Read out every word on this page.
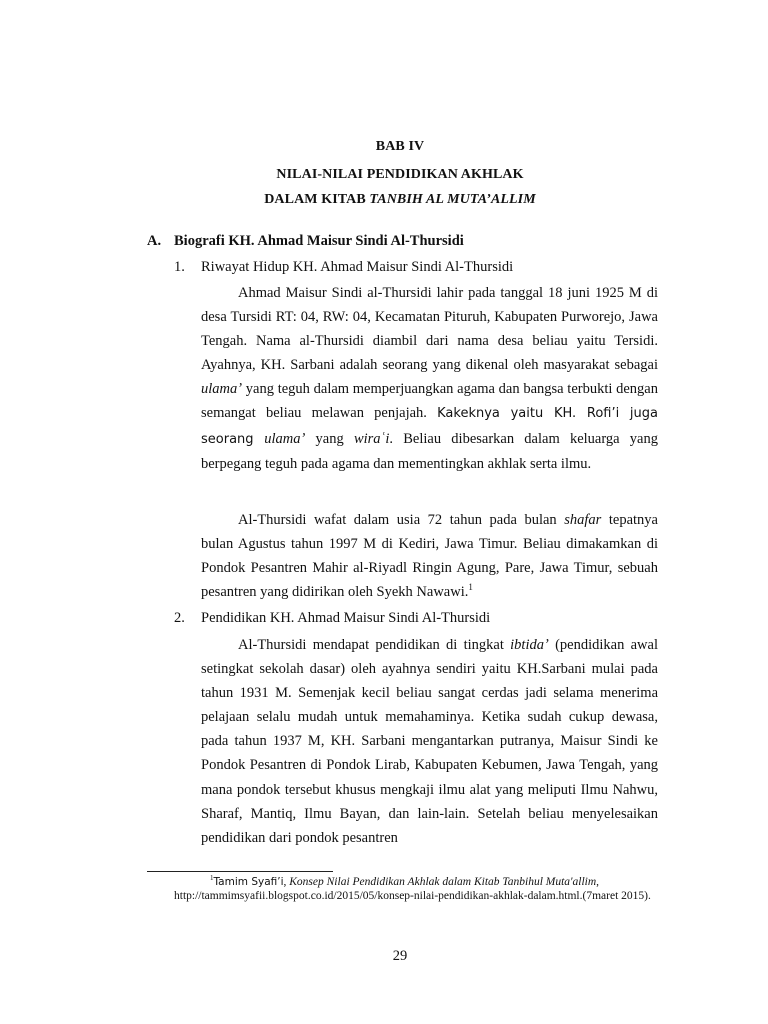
BAB IV
NILAI-NILAI PENDIDIKAN AKHLAK
DALAM KITAB TANBIH AL MUTA’ALLIM
A. Biografi KH. Ahmad Maisur Sindi Al-Thursidi
1. Riwayat Hidup KH. Ahmad Maisur Sindi Al-Thursidi

Ahmad Maisur Sindi al-Thursidi lahir pada tanggal 18 juni 1925 M di desa Tursidi RT: 04, RW: 04, Kecamatan Pituruh, Kabupaten Purworejo, Jawa Tengah. Nama al-Thursidi diambil dari nama desa beliau yaitu Tersidi. Ayahnya, KH. Sarbani adalah seorang yang dikenal oleh masyarakat sebagai ulamaʼ yang teguh dalam memperjuangkan agama dan bangsa terbukti dengan semangat beliau melawan penjajah. Kakeknya yaitu KH. Rofi’i juga seorang ulamaʼ yang wiraʿi. Beliau dibesarkan dalam keluarga yang berpegang teguh pada agama dan mementingkan akhlak serta ilmu.

Al-Thursidi wafat dalam usia 72 tahun pada bulan shafar tepatnya bulan Agustus tahun 1997 M di Kediri, Jawa Timur. Beliau dimakamkan di Pondok Pesantren Mahir al-Riyadl Ringin Agung, Pare, Jawa Timur, sebuah pesantren yang didirikan oleh Syekh Nawawi.$^1$

2. Pendidikan KH. Ahmad Maisur Sindi Al-Thursidi

Al-Thursidi mendapat pendidikan di tingkat ibtidaʼ (pendidikan awal setingkat sekolah dasar) oleh ayahnya sendiri yaitu KH.Sarbani mulai pada tahun 1931 M. Semenjak kecil beliau sangat cerdas jadi selama menerima pelajaan selalu mudah untuk memahaminya. Ketika sudah cukup dewasa, pada tahun 1937 M, KH. Sarbani mengantarkan putranya, Maisur Sindi ke Pondok Pesantren di Pondok Lirab, Kabupaten Kebumen, Jawa Tengah, yang mana pondok tersebut khusus mengkaji ilmu alat yang meliputi Ilmu Nahwu, Sharaf, Mantiq, Ilmu Bayan, dan lain-lain. Setelah beliau menyelesaikan pendidikan dari pondok pesantren

$^1$Tamim Syafi’i, Konsep Nilai Pendidikan Akhlak dalam Kitab Tanbihul Muta'allim, http://tammimsyafii.blogspot.co.id/2015/05/konsep-nilai-pendidikan-akhlak-dalam.html.(7maret 2015).

29
